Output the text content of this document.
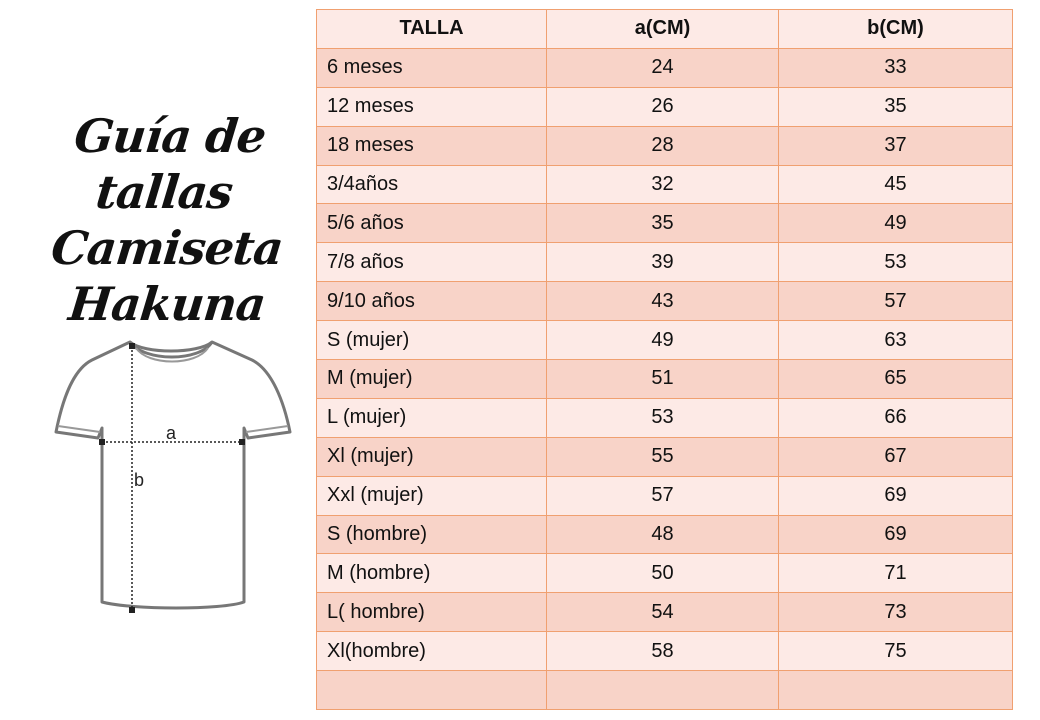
Guía de tallas
Camiseta
Hakuna
a
b
TALLA	a(CM)	b(CM)
6 meses	24	33
12 meses	26	35
18 meses	28	37
3/4años	32	45
5/6 años	35	49
7/8 años	39	53
9/10 años	43	57
S (mujer)	49	63
M (mujer)	51	65
L (mujer)	53	66
Xl (mujer)	55	67
Xxl (mujer)	57	69
S (hombre)	48	69
M (hombre)	50	71
L( hombre)	54	73
Xl(hombre)	58	75
